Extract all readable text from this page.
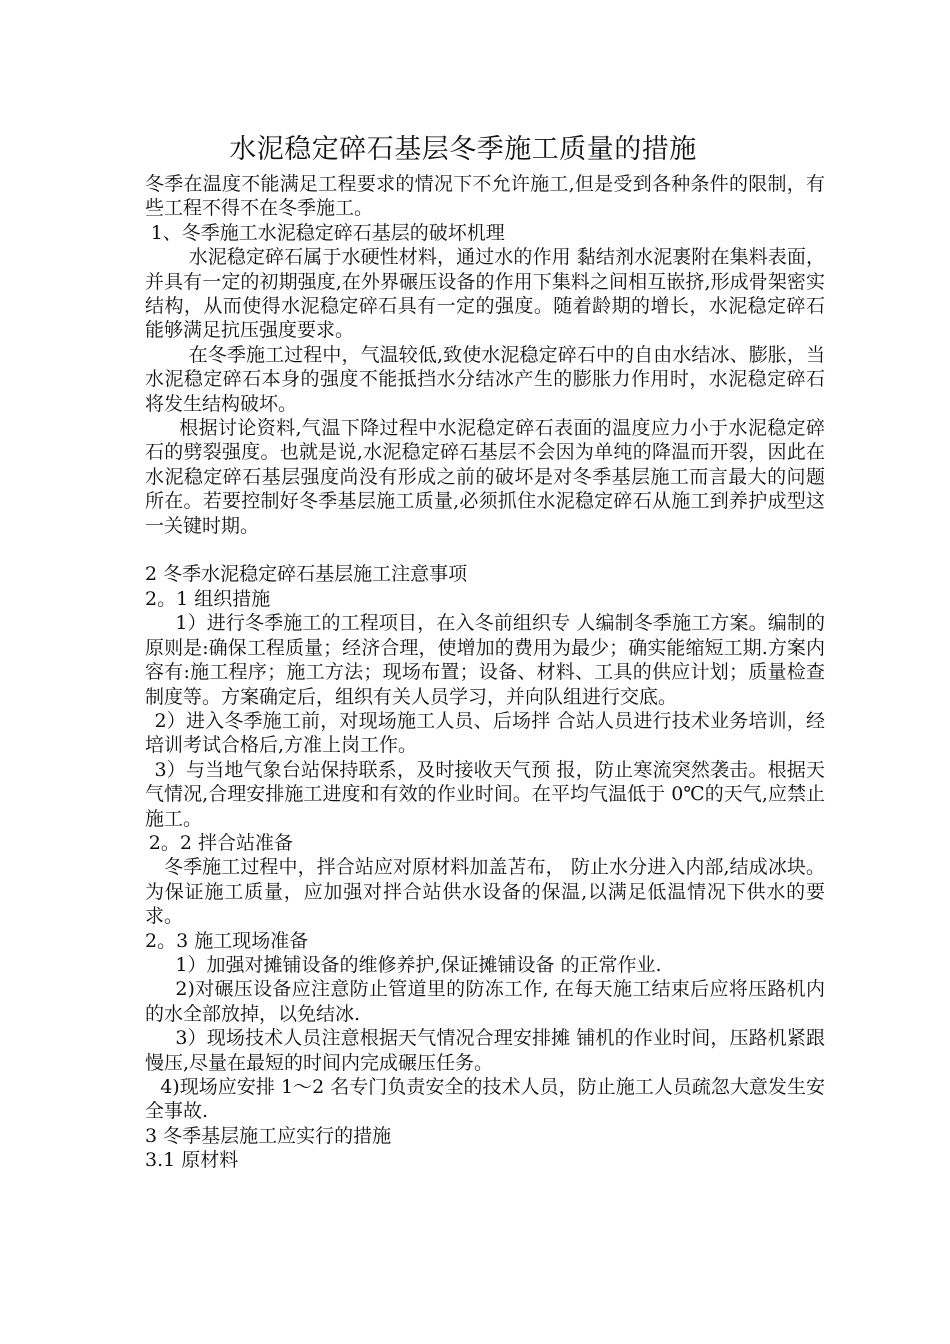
水泥稳定碎石基层冬季施工质量的措施

冬季在温度不能满足工程要求的情况下不允许施工,但是受到各种条件的限制，有些工程不得不在冬季施工。

1、冬季施工水泥稳定碎石基层的破坏机理

水泥稳定碎石属于水硬性材料，通过水的作用 黏结剂水泥裹附在集料表面，并具有一定的初期强度,在外界碾压设备的作用下集料之间相互嵌挤,形成骨架密实结构，从而使得水泥稳定碎石具有一定的强度。随着龄期的增长，水泥稳定碎石能够满足抗压强度要求。

在冬季施工过程中，气温较低,致使水泥稳定碎石中的自由水结冰、膨胀，当水泥稳定碎石本身的强度不能抵挡水分结冰产生的膨胀力作用时，水泥稳定碎石将发生结构破坏。

根据讨论资料,气温下降过程中水泥稳定碎石表面的温度应力小于水泥稳定碎石的劈裂强度。也就是说,水泥稳定碎石基层不会因为单纯的降温而开裂，因此在水泥稳定碎石基层强度尚没有形成之前的破坏是对冬季基层施工而言最大的问题所在。若要控制好冬季基层施工质量,必须抓住水泥稳定碎石从施工到养护成型这一关键时期。

2 冬季水泥稳定碎石基层施工注意事项

2。1 组织措施

1）进行冬季施工的工程项目，在入冬前组织专 人编制冬季施工方案。编制的原则是:确保工程质量；经济合理，使增加的费用为最少；确实能缩短工期.方案内容有:施工程序；施工方法；现场布置；设备、材料、工具的供应计划；质量检查制度等。方案确定后，组织有关人员学习，并向队组进行交底。

2）进入冬季施工前，对现场施工人员、后场拌 合站人员进行技术业务培训，经培训考试合格后,方准上岗工作。

3）与当地气象台站保持联系，及时接收天气预 报，防止寒流突然袭击。根据天气情况,合理安排施工进度和有效的作业时间。在平均气温低于 0℃的天气,应禁止施工。

2。2 拌合站准备

冬季施工过程中，拌合站应对原材料加盖苫布， 防止水分进入内部,结成冰块。为保证施工质量，应加强对拌合站供水设备的保温,以满足低温情况下供水的要求。

2。3 施工现场准备

1）加强对摊铺设备的维修养护,保证摊铺设备 的正常作业.

2)对碾压设备应注意防止管道里的防冻工作, 在每天施工结束后应将压路机内的水全部放掉，以免结冰.

3）现场技术人员注意根据天气情况合理安排摊 铺机的作业时间，压路机紧跟慢压,尽量在最短的时间内完成碾压任务。

4)现场应安排 1～2 名专门负责安全的技术人员，防止施工人员疏忽大意发生安全事故.

3 冬季基层施工应实行的措施

3.1 原材料
